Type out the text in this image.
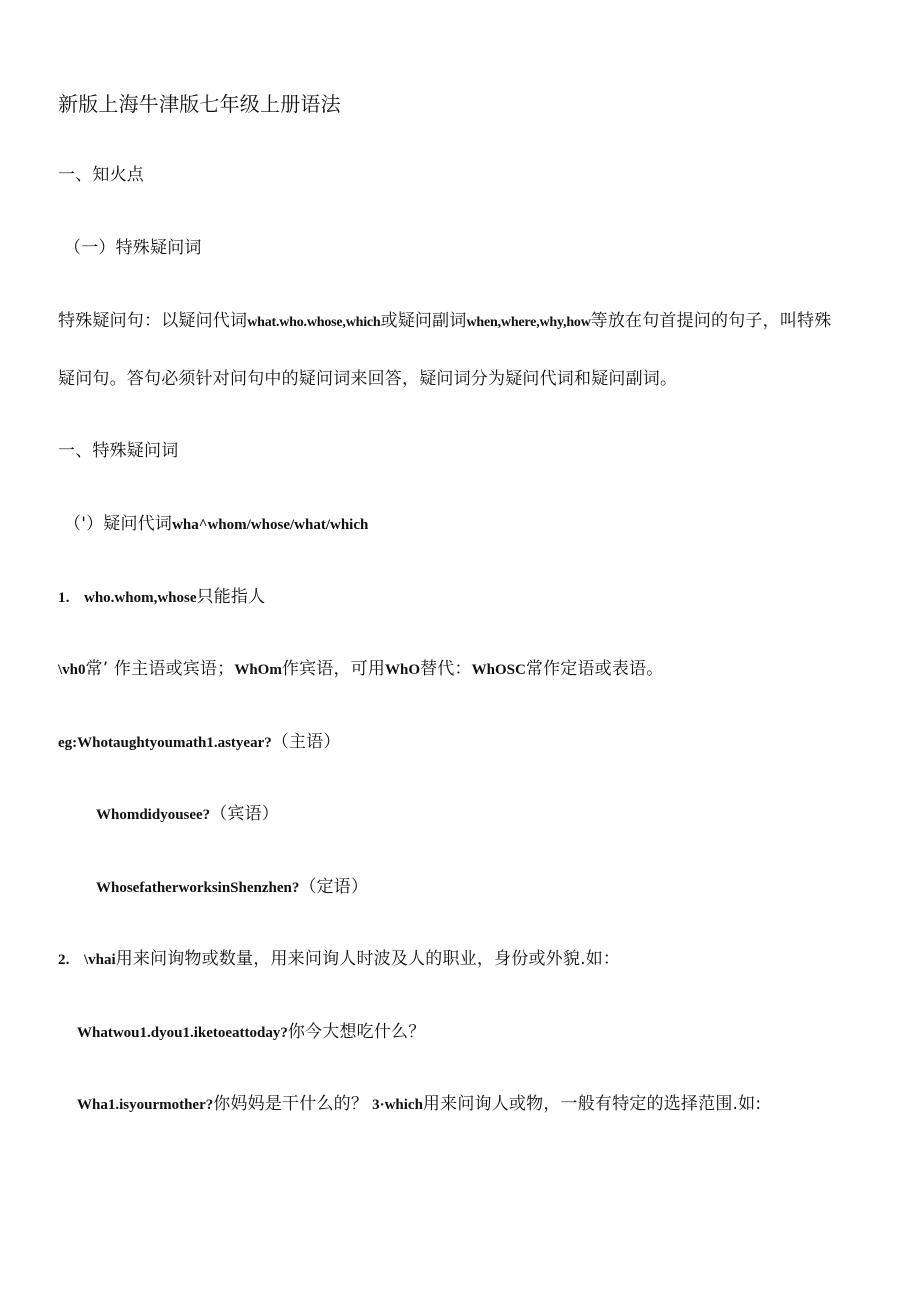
新版上海牛津版七年级上册语法
一、知火点
（一）特殊疑问词
特殊疑问句：以疑问代词what.who.whose,which或疑问副词when,where,why,how等放在句首提问的句子，叫特殊
疑问句。答句必须针对问句中的疑问词来回答，疑问词分为疑问代词和疑问副词。
一、特殊疑问词
（'）疑问代词wha^whom/whose/what/which
1. who.whom,whose只能指人
\vh0常’ 作主语或宾语；WhOm作宾语，可用WhO替代：WhOSC常作定语或表语。
eg:Whotaughtyoumath1.astyear?（主语）
Whomdidyousee?（宾语）
WhosefatherworksinShenzhen?（定语）
2. \vhai用来问询物或数量，用来问询人时波及人的职业，身份或外貌.如：
Whatwou1.dyou1.iketoeattoday?你今大想吃什么？
Wha1.isyourmother?你妈妈是干什么的？ 3·which用来问询人或物，一般有特定的选择范围.如:
